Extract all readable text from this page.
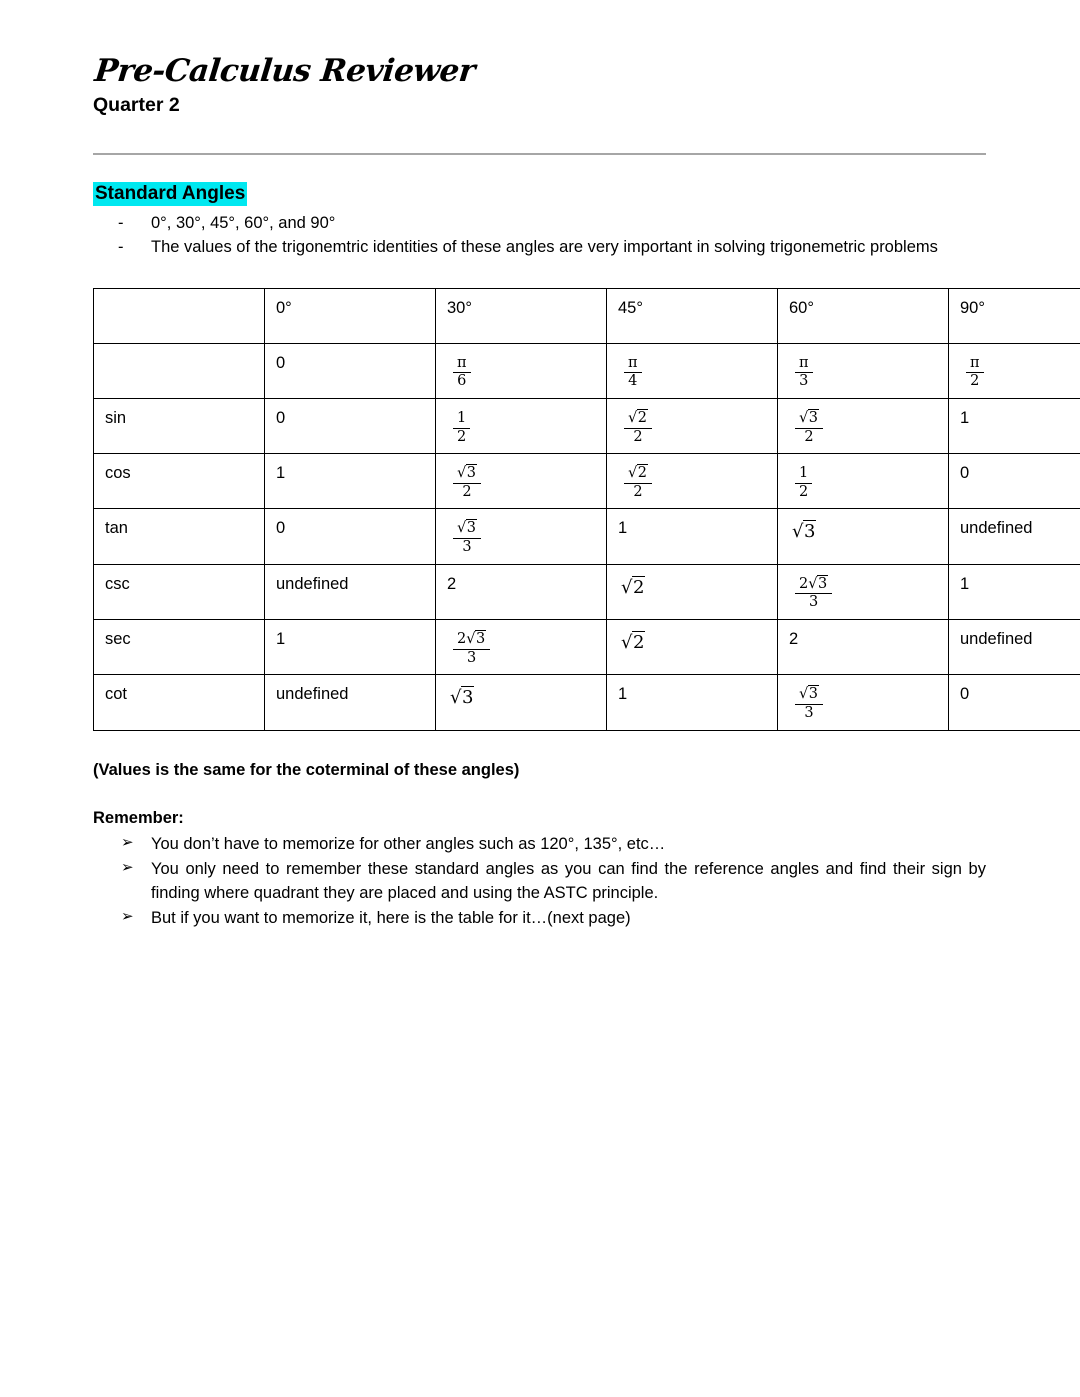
Pre-Calculus Reviewer
Quarter 2
Standard Angles
- 0°, 30°, 45°, 60°, and 90°
- The values of the trigonemtric identities of these angles are very important in solving trigonemetric problems
	0°	30°	45°	60°	90°
	0	$\frac{\pi}{6}$	$\frac{\pi}{4}$	$\frac{\pi}{3}$	$\frac{\pi}{2}$

sin	0	$\frac{1}{2}$	$\frac{√2}{2}$	$\frac{√3}{2}$	1
cos	1	$\frac{√3}{2}$	$\frac{√2}{2}$	$\frac{1}{2}$	0
tan	0	$\frac{√3}{3}$	1	√3	undefined
csc	undefined	2	√2	$\frac{2√3}{3}$	1
sec	1	$\frac{2√3}{3}$	√2	2	undefined
cot	undefined	√3	1	$\frac{√3}{3}$	0
(Values is the same for the coterminal of these angles)
Remember:
➢ You don’t have to memorize for other angles such as 120°, 135°, etc…
➢ You only need to remember these standard angles as you can find the reference angles and find their sign by finding where quadrant they are placed and using the ASTC principle.
➢ But if you want to memorize it, here is the table for it…(next page)
